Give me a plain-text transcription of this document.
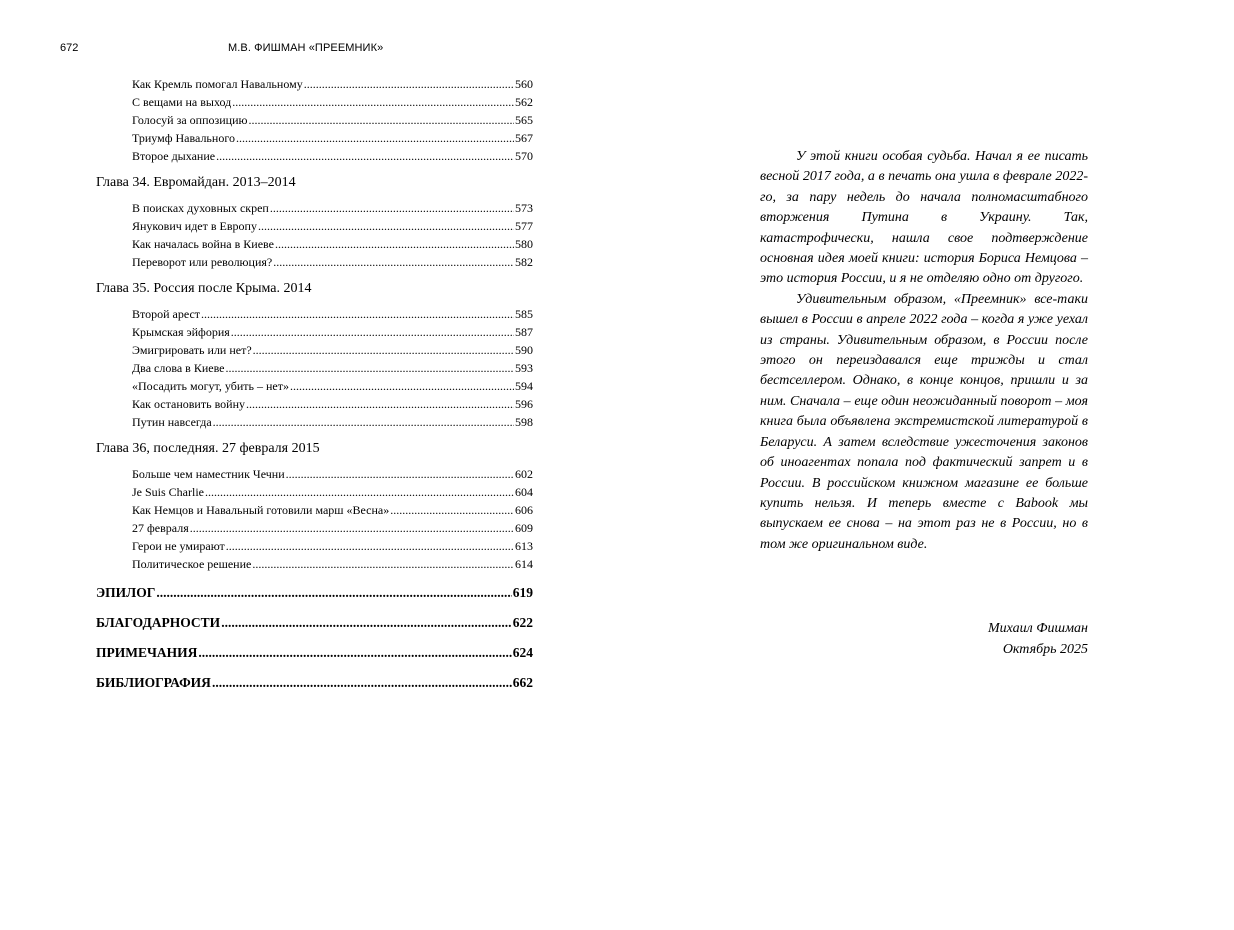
672	М.В. ФИШМАН «ПРЕЕМНИК»
Как Кремль помогал Навальному .....	560
С вещами на выход .....	562
Голосуй за оппозицию .....	565
Триумф Навального .....	567
Второе дыхание .....	570
Глава 34. Евромайдан. 2013–2014
В поисках духовных скреп .....	573
Янукович идет в Европу .....	577
Как началась война в Киеве .....	580
Переворот или революция? .....	582
Глава 35. Россия после Крыма. 2014
Второй арест .....	585
Крымская эйфория .....	587
Эмигрировать или нет? .....	590
Два слова в Киеве .....	593
«Посадить могут, убить – нет» .....	594
Как остановить войну .....	596
Путин навсегда .....	598
Глава 36, последняя. 27 февраля 2015
Больше чем наместник Чечни .....	602
Je Suis Charlie .....	604
Как Немцов и Навальный готовили марш «Весна» .....	606
27 февраля .....	609
Герои не умирают .....	613
Политическое решение .....	614
ЭПИЛОГ .....	619
БЛАГОДАРНОСТИ .....	622
ПРИМЕЧАНИЯ .....	624
БИБЛИОГРАФИЯ .....	662

У этой книги особая судьба. Начал я ее писать весной 2017 года, а в печать она ушла в феврале 2022-го, за пару недель до начала полномасштабного вторжения Путина в Украину. Так, катастрофически, нашла свое подтверждение основная идея моей книги: история Бориса Немцова – это история России, и я не отделяю одно от другого.

Удивительным образом, «Преемник» все-таки вышел в России в апреле 2022 года – когда я уже уехал из страны. Удивительным образом, в России после этого он переиздавался еще трижды и стал бестселлером. Однако, в конце концов, пришли и за ним. Сначала – еще один неожиданный поворот – моя книга была объявлена экстремистской литературой в Беларуси. А затем вследствие ужесточения законов об иноагентах попала под фактический запрет и в России. В российском книжном магазине ее больше купить нельзя. И теперь вместе с Babook мы выпускаем ее снова – на этот раз не в России, но в том же оригинальном виде.

Михаил Фишман
Октябрь 2025
